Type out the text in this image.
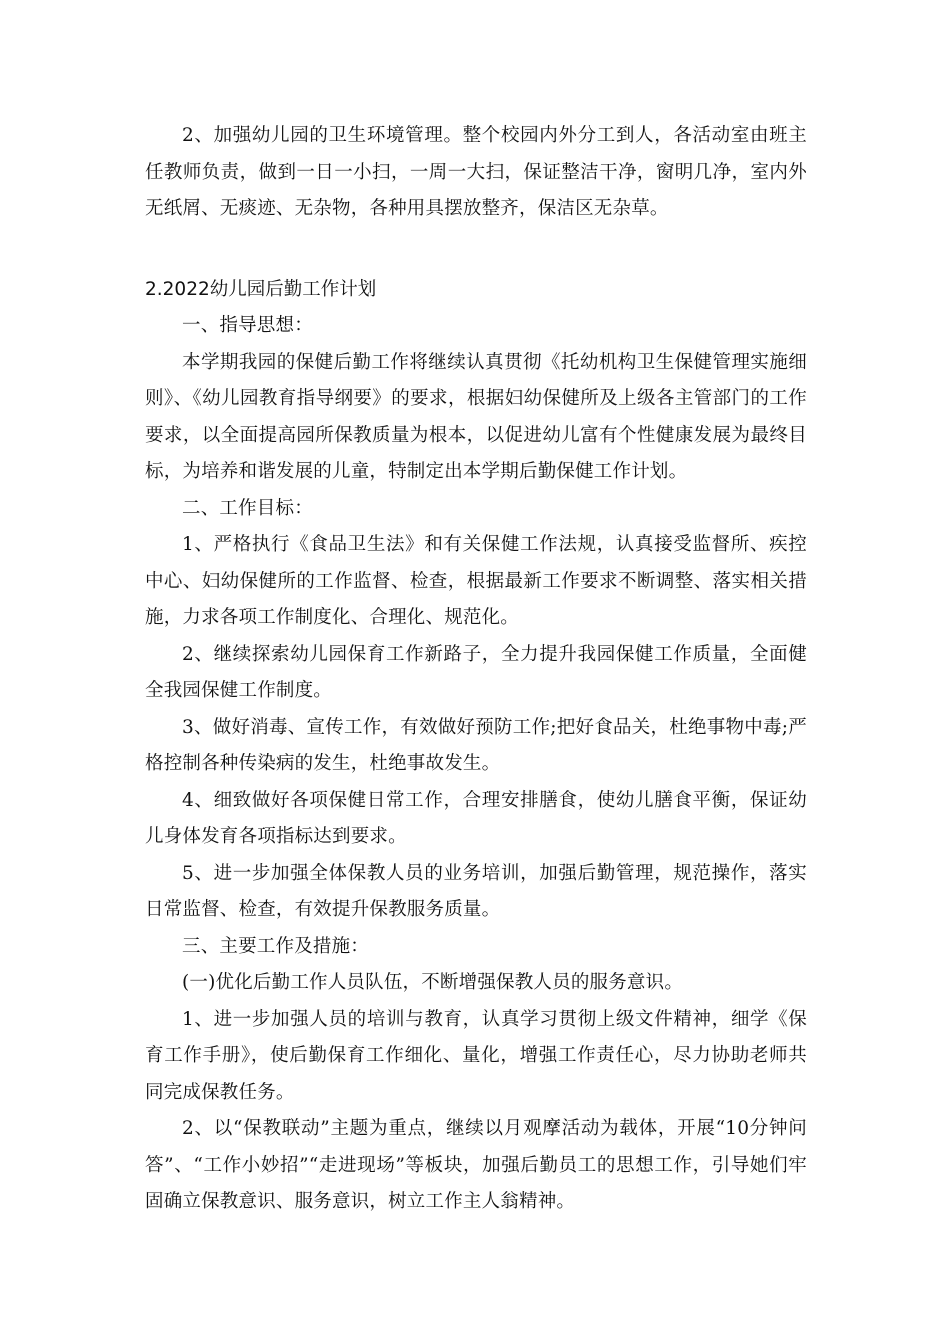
2、加强幼儿园的卫生环境管理。整个校园内外分工到人，各活动室由班主任教师负责，做到一日一小扫，一周一大扫，保证整洁干净，窗明几净，室内外无纸屑、无痰迹、无杂物，各种用具摆放整齐，保洁区无杂草。

2.2022幼儿园后勤工作计划

一、指导思想：

本学期我园的保健后勤工作将继续认真贯彻《托幼机构卫生保健管理实施细则》、《幼儿园教育指导纲要》的要求，根据妇幼保健所及上级各主管部门的工作要求，以全面提高园所保教质量为根本，以促进幼儿富有个性健康发展为最终目标，为培养和谐发展的儿童，特制定出本学期后勤保健工作计划。

二、工作目标：

1、严格执行《食品卫生法》和有关保健工作法规，认真接受监督所、疾控中心、妇幼保健所的工作监督、检查，根据最新工作要求不断调整、落实相关措施，力求各项工作制度化、合理化、规范化。

2、继续探索幼儿园保育工作新路子，全力提升我园保健工作质量，全面健全我园保健工作制度。

3、做好消毒、宣传工作，有效做好预防工作;把好食品关，杜绝事物中毒;严格控制各种传染病的发生，杜绝事故发生。

4、细致做好各项保健日常工作，合理安排膳食，使幼儿膳食平衡，保证幼儿身体发育各项指标达到要求。

5、进一步加强全体保教人员的业务培训，加强后勤管理，规范操作，落实日常监督、检查，有效提升保教服务质量。

三、主要工作及措施：

(一)优化后勤工作人员队伍，不断增强保教人员的服务意识。

1、进一步加强人员的培训与教育，认真学习贯彻上级文件精神，细学《保育工作手册》，使后勤保育工作细化、量化，增强工作责任心，尽力协助老师共同完成保教任务。

2、以“保教联动”主题为重点，继续以月观摩活动为载体，开展“10分钟问答”、“工作小妙招”“走进现场”等板块，加强后勤员工的思想工作，引导她们牢固确立保教意识、服务意识，树立工作主人翁精神。
